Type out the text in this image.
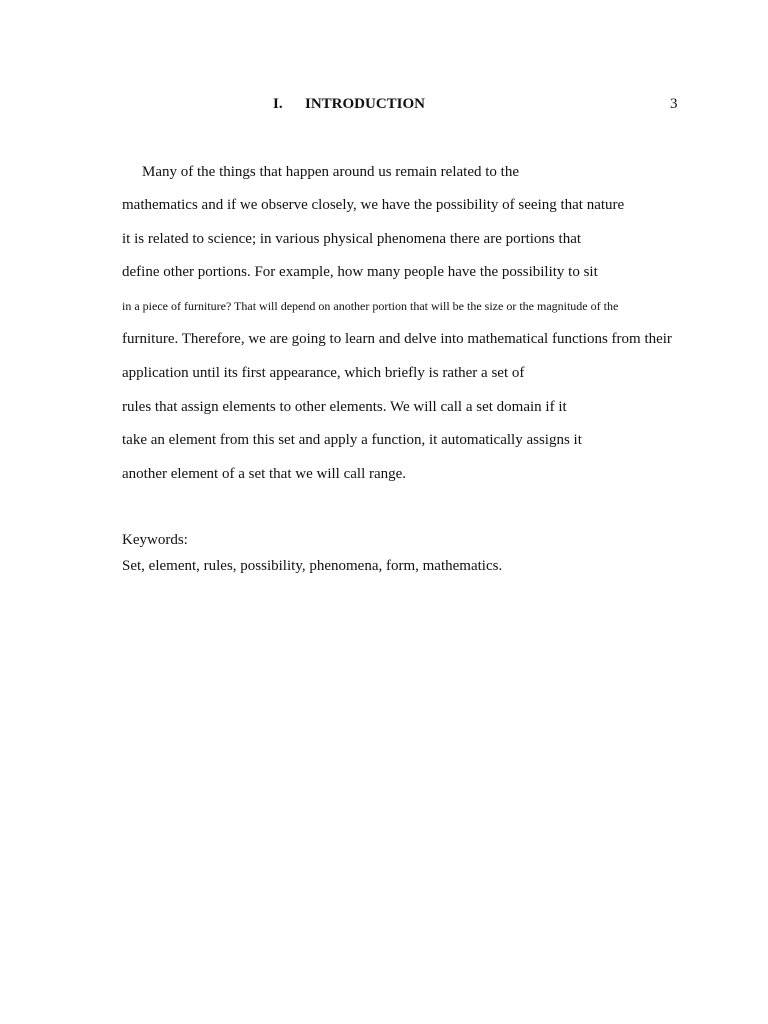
I. INTRODUCTION	3
Many of the things that happen around us remain related to the
mathematics and if we observe closely, we have the possibility of seeing that nature
it is related to science; in various physical phenomena there are portions that
define other portions. For example, how many people have the possibility to sit
in a piece of furniture? That will depend on another portion that will be the size or the magnitude of the
furniture. Therefore, we are going to learn and delve into mathematical functions from their
application until its first appearance, which briefly is rather a set of
rules that assign elements to other elements. We will call a set domain if it
take an element from this set and apply a function, it automatically assigns it
another element of a set that we will call range.
Keywords:
Set, element, rules, possibility, phenomena, form, mathematics.
